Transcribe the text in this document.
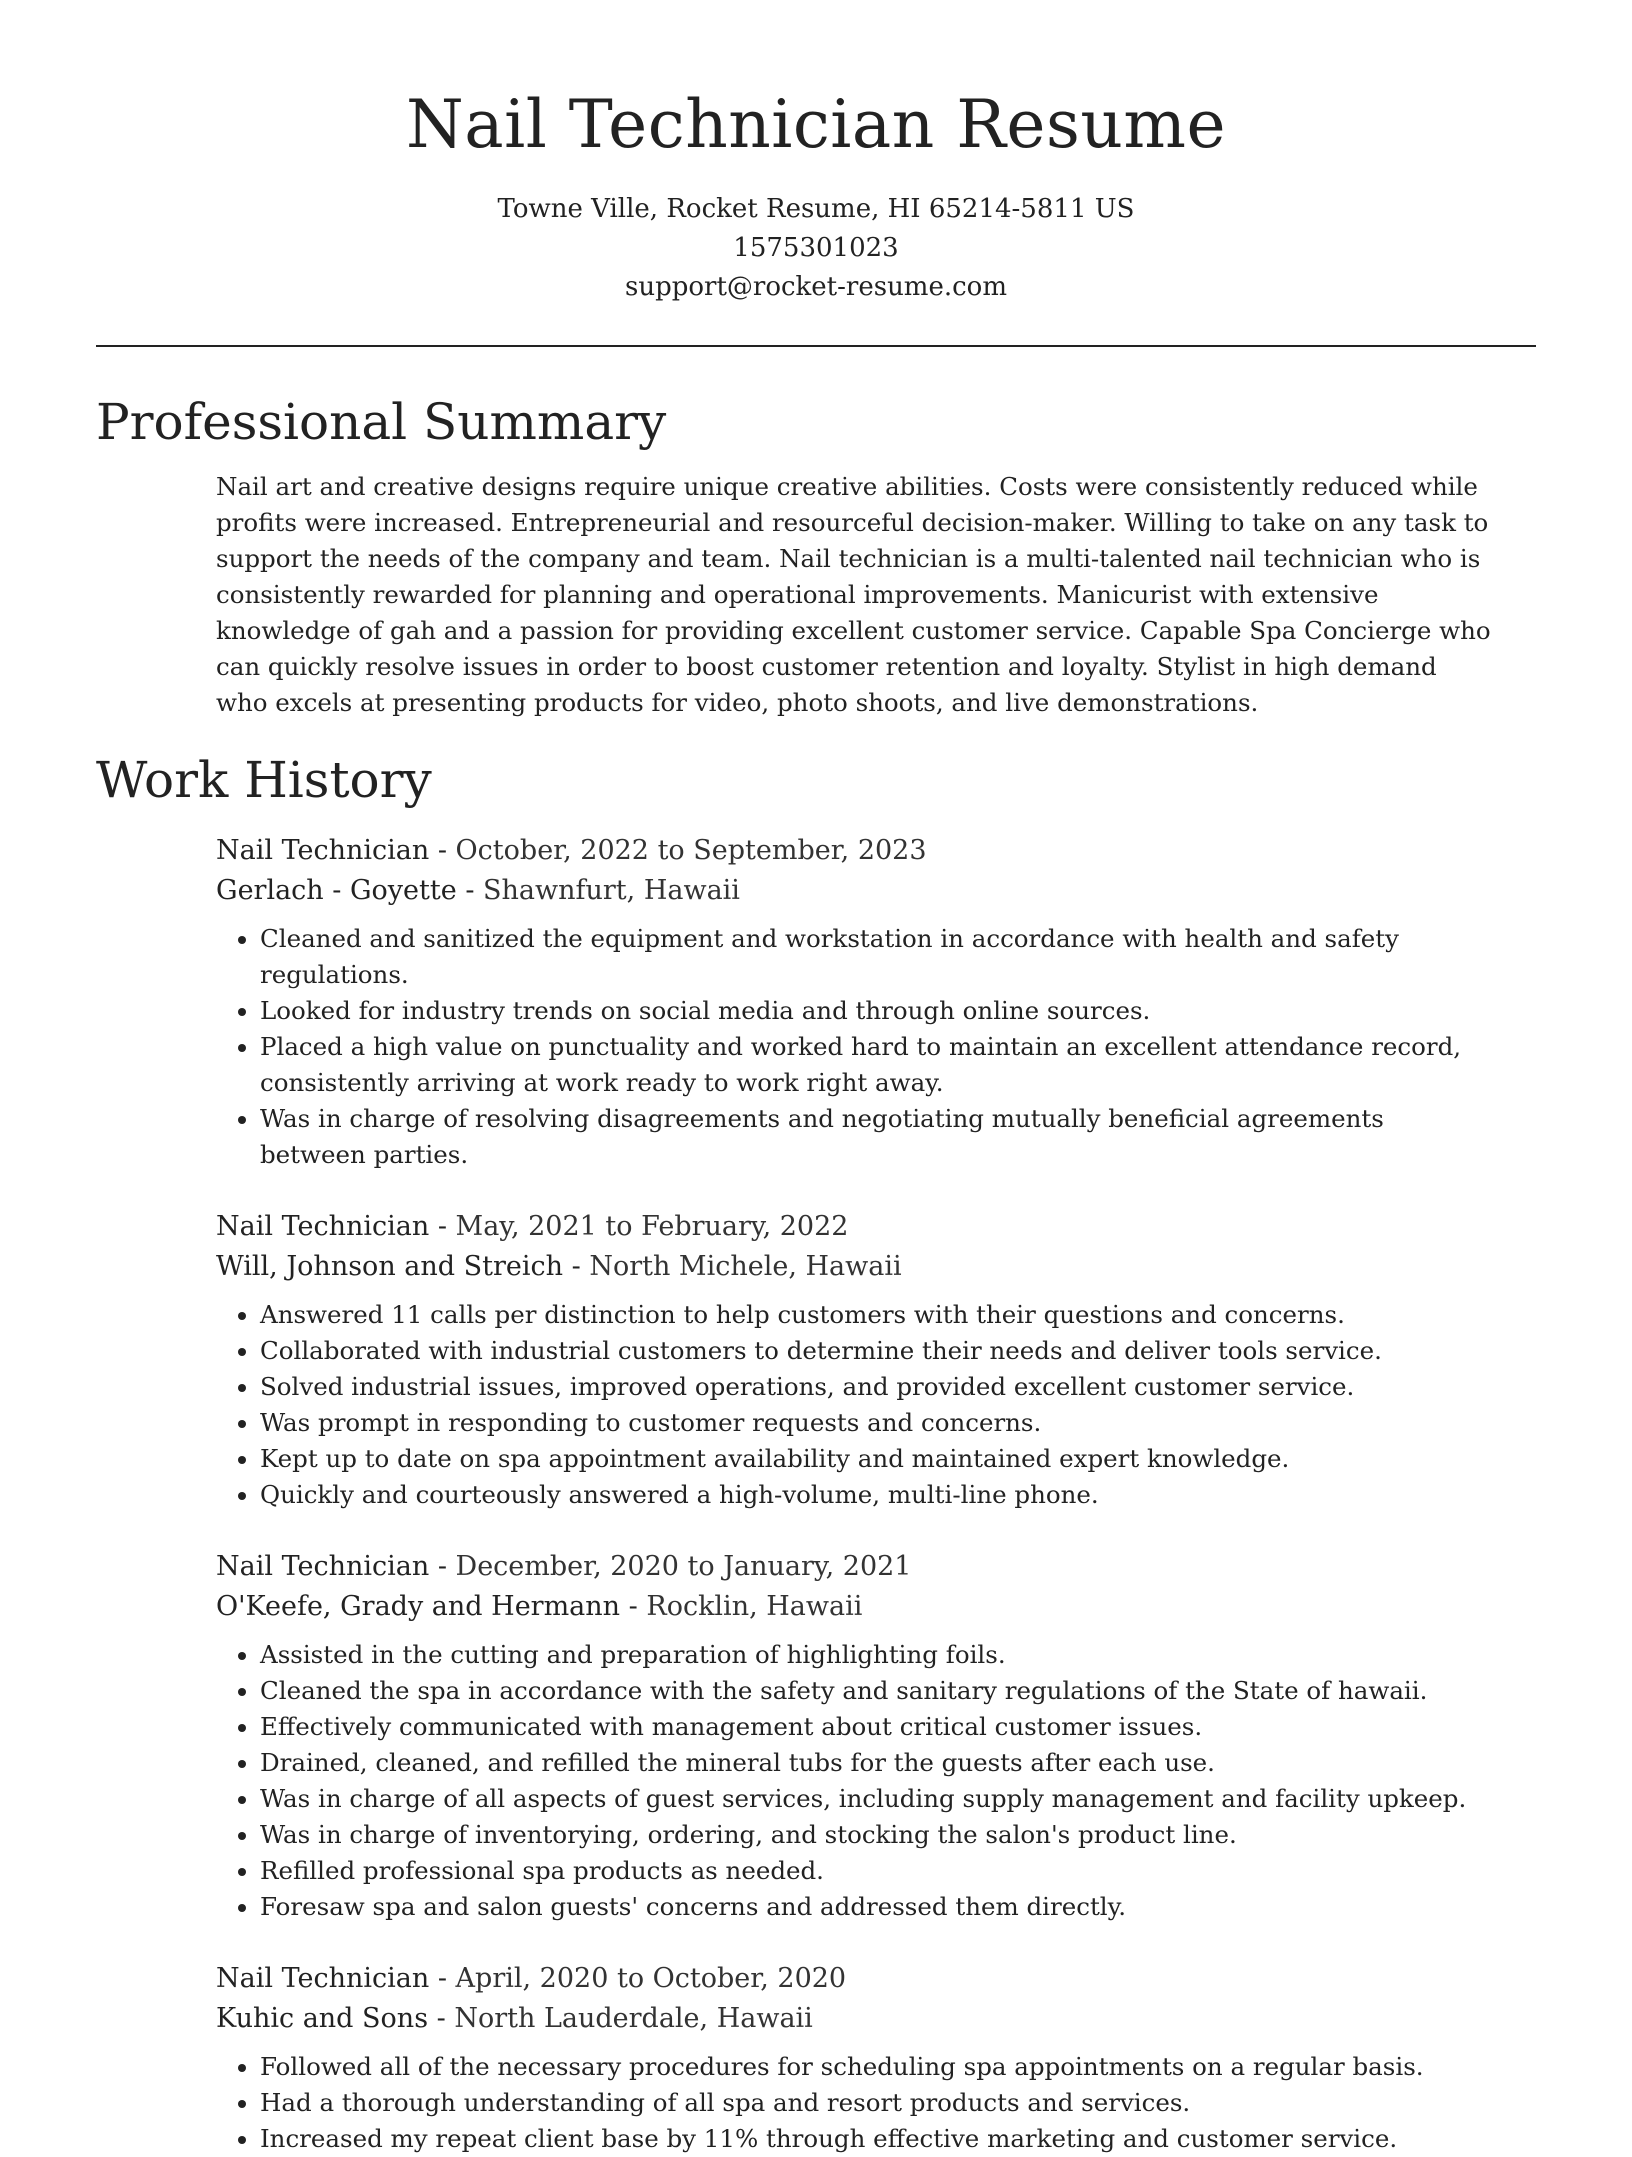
Nail Technician Resume
Towne Ville, Rocket Resume, HI 65214-5811 US
1575301023
support@rocket-resume.com
Professional Summary

Nail art and creative designs require unique creative abilities. Costs were consistently reduced while profits were increased. Entrepreneurial and resourceful decision-maker. Willing to take on any task to support the needs of the company and team. Nail technician is a multi-talented nail technician who is consistently rewarded for planning and operational improvements. Manicurist with extensive knowledge of gah and a passion for providing excellent customer service. Capable Spa Concierge who can quickly resolve issues in order to boost customer retention and loyalty. Stylist in high demand who excels at presenting products for video, photo shoots, and live demonstrations.

Work History
Nail Technician - October, 2022 to September, 2023
Gerlach - Goyette - Shawnfurt, Hawaii
• Cleaned and sanitized the equipment and workstation in accordance with health and safety regulations.
• Looked for industry trends on social media and through online sources.
• Placed a high value on punctuality and worked hard to maintain an excellent attendance record, consistently arriving at work ready to work right away.
• Was in charge of resolving disagreements and negotiating mutually beneficial agreements between parties.
Nail Technician - May, 2021 to February, 2022
Will, Johnson and Streich - North Michele, Hawaii
• Answered 11 calls per distinction to help customers with their questions and concerns.
• Collaborated with industrial customers to determine their needs and deliver tools service.
• Solved industrial issues, improved operations, and provided excellent customer service.
• Was prompt in responding to customer requests and concerns.
• Kept up to date on spa appointment availability and maintained expert knowledge.
• Quickly and courteously answered a high-volume, multi-line phone.
Nail Technician - December, 2020 to January, 2021
O'Keefe, Grady and Hermann - Rocklin, Hawaii
• Assisted in the cutting and preparation of highlighting foils.
• Cleaned the spa in accordance with the safety and sanitary regulations of the State of hawaii.
• Effectively communicated with management about critical customer issues.
• Drained, cleaned, and refilled the mineral tubs for the guests after each use.
• Was in charge of all aspects of guest services, including supply management and facility upkeep.
• Was in charge of inventorying, ordering, and stocking the salon's product line.
• Refilled professional spa products as needed.
• Foresaw spa and salon guests' concerns and addressed them directly.
Nail Technician - April, 2020 to October, 2020
Kuhic and Sons - North Lauderdale, Hawaii
• Followed all of the necessary procedures for scheduling spa appointments on a regular basis.
• Had a thorough understanding of all spa and resort products and services.
• Increased my repeat client base by 11% through effective marketing and customer service.
